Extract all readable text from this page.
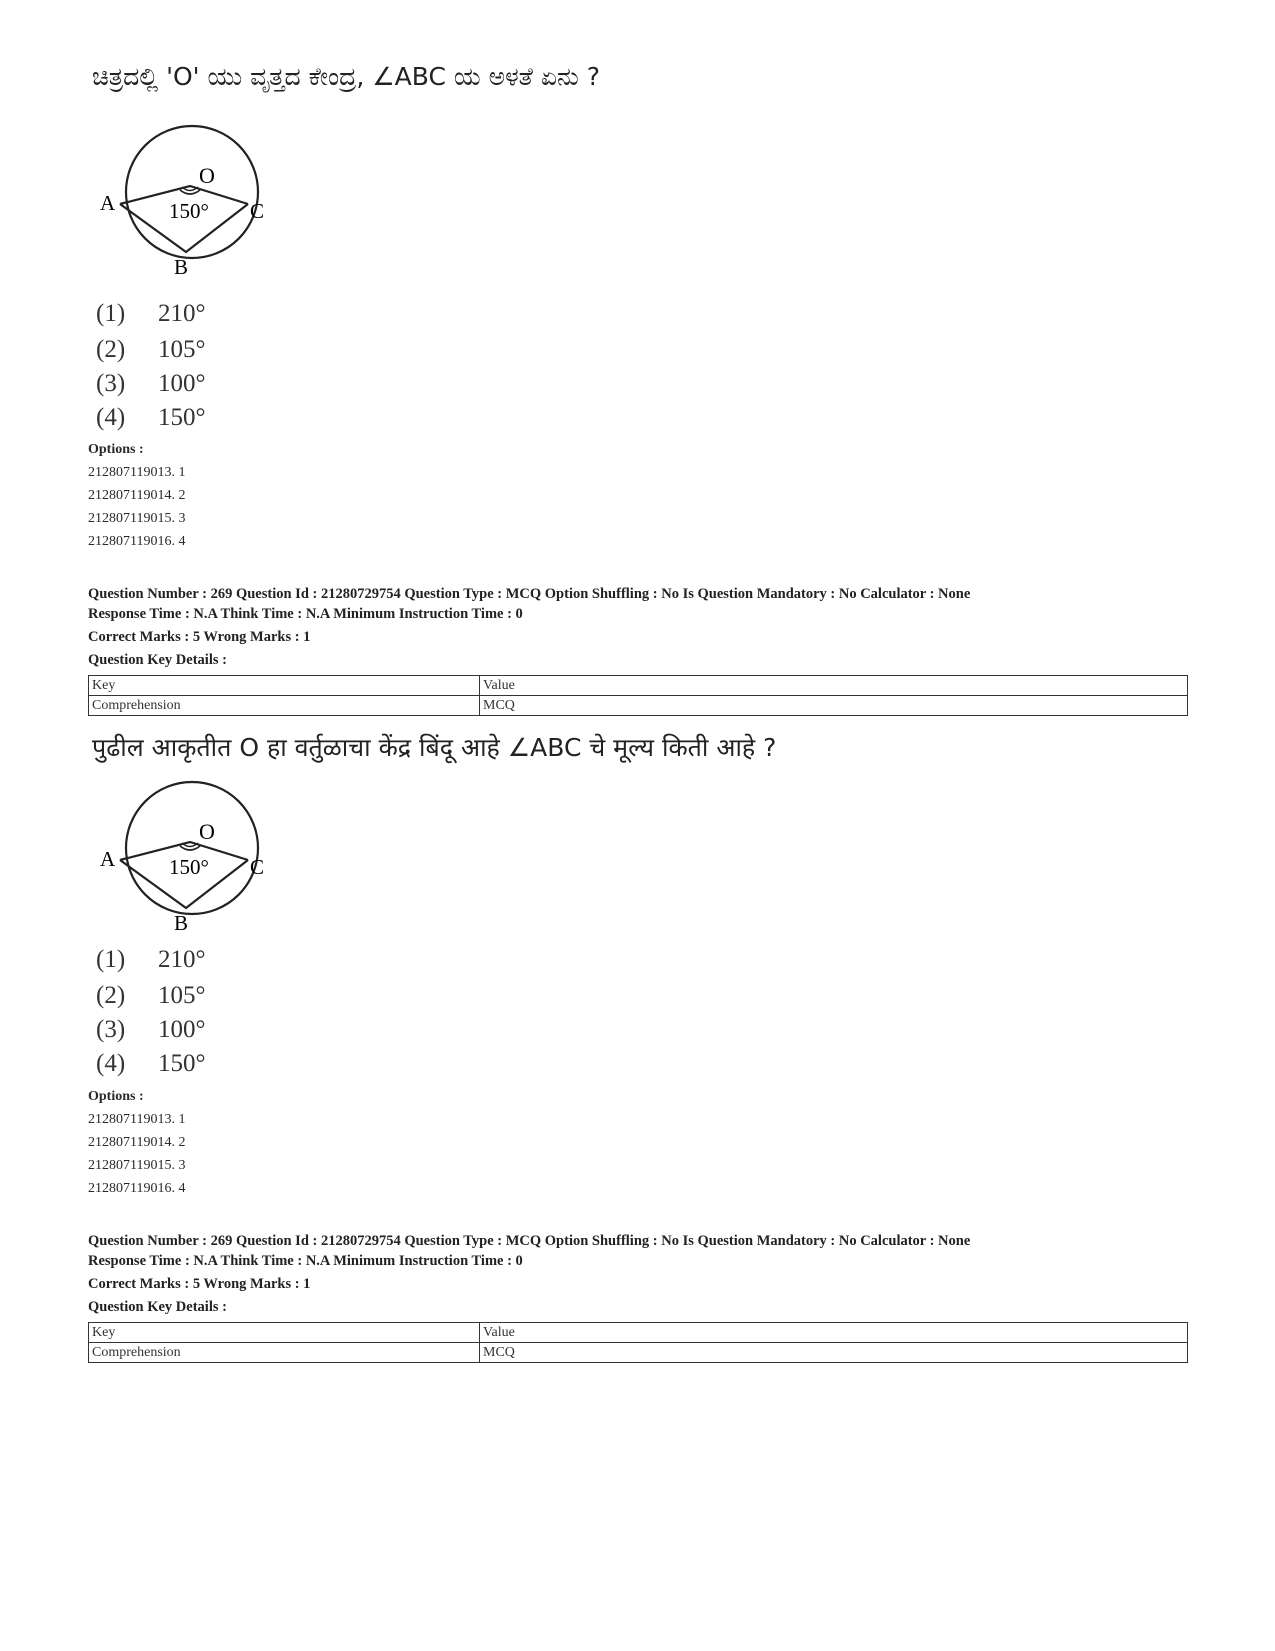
ಚಿತ್ರದಲ್ಲಿ 'O' ಯು ವೃತ್ತದ ಕೇಂದ್ರ, ∠ABC ಯ ಅಳತೆ ಏನು ?
O
A	C
B
150°
(1) 210°
(2) 105°
(3) 100°
(4) 150°
Options :
212807119013. 1
212807119014. 2
212807119015. 3
212807119016. 4
Question Number : 269 Question Id : 21280729754 Question Type : MCQ Option Shuffling : No Is Question Mandatory : No Calculator : None
Response Time : N.A Think Time : N.A Minimum Instruction Time : 0
Correct Marks : 5 Wrong Marks : 1
Question Key Details :
Key	Value
Comprehension	MCQ
पुढील आकृतीत O हा वर्तुळाचा केंद्र बिंदू आहे ∠ABC चे मूल्य किती आहे ?
O
A	C
B
150°
(1) 210°
(2) 105°
(3) 100°
(4) 150°
Options :
212807119013. 1
212807119014. 2
212807119015. 3
212807119016. 4
Question Number : 269 Question Id : 21280729754 Question Type : MCQ Option Shuffling : No Is Question Mandatory : No Calculator : None
Response Time : N.A Think Time : N.A Minimum Instruction Time : 0
Correct Marks : 5 Wrong Marks : 1
Question Key Details :
Key	Value
Comprehension	MCQ
